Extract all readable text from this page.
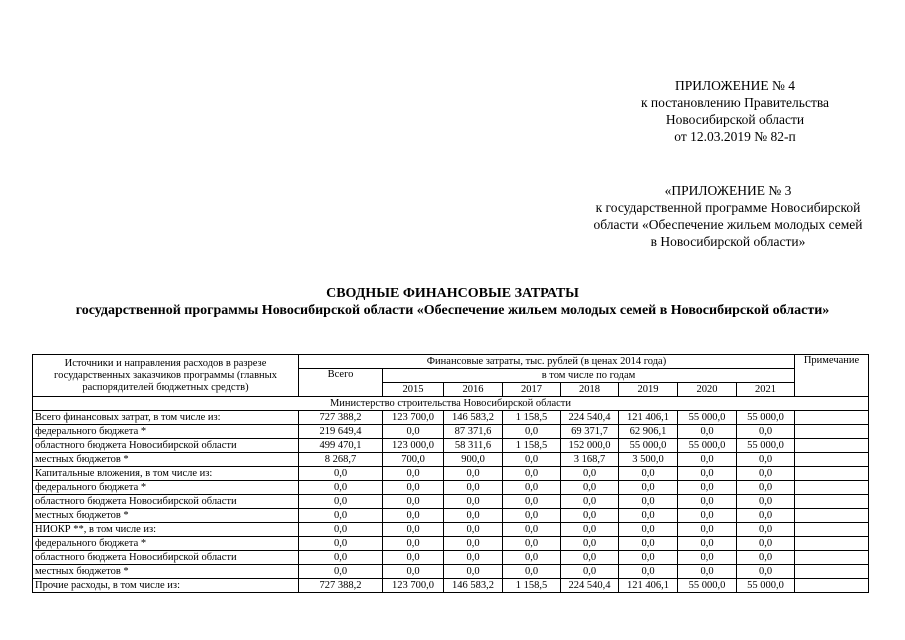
ПРИЛОЖЕНИЕ № 4
к постановлению Правительства
Новосибирской области
от 12.03.2019 № 82-п
«ПРИЛОЖЕНИЕ № 3
к государственной программе Новосибирской
области «Обеспечение жильем молодых семей
в Новосибирской области»
СВОДНЫЕ ФИНАНСОВЫЕ ЗАТРАТЫ
государственной программы Новосибирской области «Обеспечение жильем молодых семей в Новосибирской области»
Источники и направления расходов в разрезе государственных заказчиков программы (главных распорядителей бюджетных средств)	Финансовые затраты, тыс. рублей (в ценах 2014 года)								Примечание
	Всего	в том числе по годам							
		2015	2016	2017	2018	2019	2020	2021	
Министерство строительства Новосибирской области									
Всего финансовых затрат, в том числе из:	727 388,2	123 700,0	146 583,2	1 158,5	224 540,4	121 406,1	55 000,0	55 000,0	
федерального бюджета *	219 649,4	0,0	87 371,6	0,0	69 371,7	62 906,1	0,0	0,0	
областного бюджета Новосибирской области	499 470,1	123 000,0	58 311,6	1 158,5	152 000,0	55 000,0	55 000,0	55 000,0	
местных бюджетов *	8 268,7	700,0	900,0	0,0	3 168,7	3 500,0	0,0	0,0	
Капитальные вложения, в том числе из:	0,0	0,0	0,0	0,0	0,0	0,0	0,0	0,0	
федерального бюджета *	0,0	0,0	0,0	0,0	0,0	0,0	0,0	0,0	
областного бюджета Новосибирской области	0,0	0,0	0,0	0,0	0,0	0,0	0,0	0,0	
местных бюджетов *	0,0	0,0	0,0	0,0	0,0	0,0	0,0	0,0	
НИОКР **, в том числе из:	0,0	0,0	0,0	0,0	0,0	0,0	0,0	0,0	
федерального бюджета *	0,0	0,0	0,0	0,0	0,0	0,0	0,0	0,0	
областного бюджета Новосибирской области	0,0	0,0	0,0	0,0	0,0	0,0	0,0	0,0	
местных бюджетов *	0,0	0,0	0,0	0,0	0,0	0,0	0,0	0,0	
Прочие расходы, в том числе из:	727 388,2	123 700,0	146 583,2	1 158,5	224 540,4	121 406,1	55 000,0	55 000,0	
